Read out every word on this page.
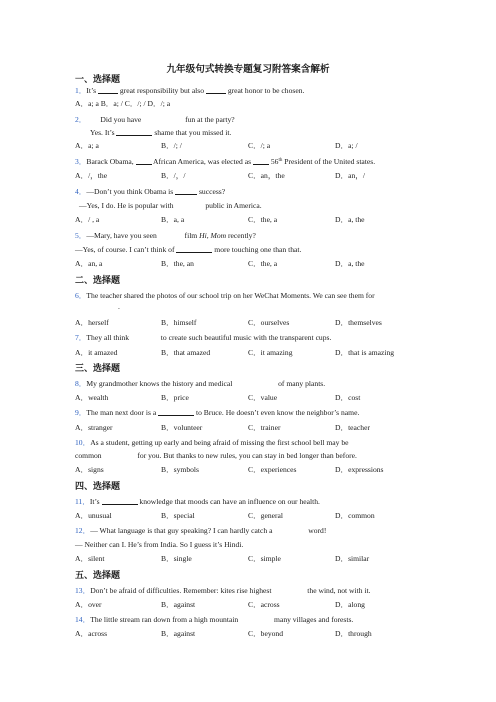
九年级句式转换专题复习附答案含解析
一、选择题
1．It’s	great responsibility but also	great honor to be chosen.
A．a; a B．a; / C．/; / D．/; a
2． Did you have	fun at the party?
Yes. It’s	shame that you missed it.
A．a; a	B．/; /	C．/; a	D．a; /
3．Barack Obama,  African America, was elected as  56th President of the United states.
A．/，the	B．/，/	C．an，the	D．an，/
4．—Don’t you think Obama is	success?
—Yes, I do. He is popular with	public in America.
A．/ , a	B．a, a	C．the, a	D．a, the
5．—Mary, have you seen	film Hi, Mom recently?
—Yes, of course. I can’t think of	more touching one than that.
A．an, a	B．the, an	C．the, a	D．a, the
二、选择题
6．The teacher shared the photos of our school trip on her WeChat Moments. We can see them for
.
A．herself	B．himself	C．ourselves	D．themselves
7．They all think	to create such beautiful music with the transparent cups.
A．it amazed	B．that amazed	C．it amazing	D．that is amazing
三、选择题
8．My grandmother knows the history and medical	of many plants.
A．wealth	B．price	C．value	D．cost
9．The man next door is a	to Bruce. He doesn’t even know the neighbor’s name.
A．stranger	B．volunteer	C．trainer	D．teacher
10．As a student, getting up early and being afraid of missing the first school bell may be
common	for you. But thanks to new rules, you can stay in bed longer than before.
A．signs	B．symbols	C．experiences	D．expressions
四、选择题
11．It’s	knowledge that moods can have an influence on our health.
A．unusual	B．special	C．general	D．common
12．— What language is that guy speaking? I can hardly catch a	word!
— Neither can I. He’s from India. So I guess it’s Hindi.
A．silent	B．single	C．simple	D．similar
五、选择题
13．Don’t be afraid of difficulties. Remember: kites rise highest	the wind, not with it.
A．over	B．against	C．across	D．along
14．The little stream ran down from a high mountain	many villages and forests.
A．across	B．against	C．beyond	D．through
